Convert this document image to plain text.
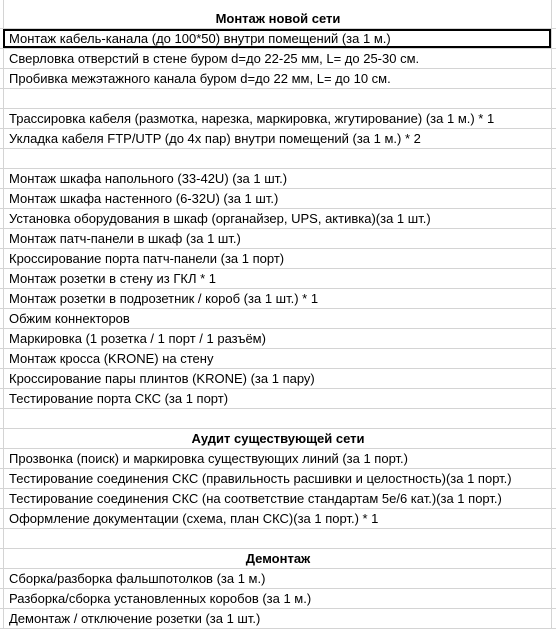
Монтаж новой сети
Монтаж кабель-канала (до 100*50) внутри помещений (за 1 м.)
Сверловка отверстий в стене буром d=до 22-25 мм, L= до 25-30 см.
Пробивка межэтажного канала буром d=до 22 мм, L= до 10 см.
Трассировка кабеля (размотка, нарезка, маркировка, жгутирование) (за 1 м.) * 1
Укладка кабеля FTP/UTP (до 4х пар) внутри помещений (за 1 м.) * 2
Монтаж шкафа напольного (33-42U) (за 1 шт.)
Монтаж шкафа настенного (6-32U) (за 1 шт.)
Установка оборудования в шкаф (органайзер, UPS, активка)(за 1 шт.)
Монтаж патч-панели в шкаф (за 1 шт.)
Кроссирование порта патч-панели (за 1 порт)
Монтаж розетки в стену из ГКЛ * 1
Монтаж розетки в подрозетник / короб (за 1 шт.) * 1
Обжим коннекторов
Маркировка (1 розетка / 1 порт / 1 разъём)
Монтаж кросса (KRONE) на стену
Кроссирование пары плинтов (KRONE) (за 1 пару)
Тестирование порта СКС (за 1 порт)
Аудит существующей сети
Прозвонка (поиск) и маркировка существующих линий (за 1 порт.)
Тестирование соединения СКС (правильность расшивки и целостность)(за 1 порт.)
Тестирование соединения СКС (на соответствие стандартам 5е/6 кат.)(за 1 порт.)
Оформление документации (схема, план СКС)(за 1 порт.) * 1
Демонтаж
Сборка/разборка фальшпотолков (за 1 м.)
Разборка/сборка установленных коробов (за 1 м.)
Демонтаж / отключение розетки (за 1 шт.)
